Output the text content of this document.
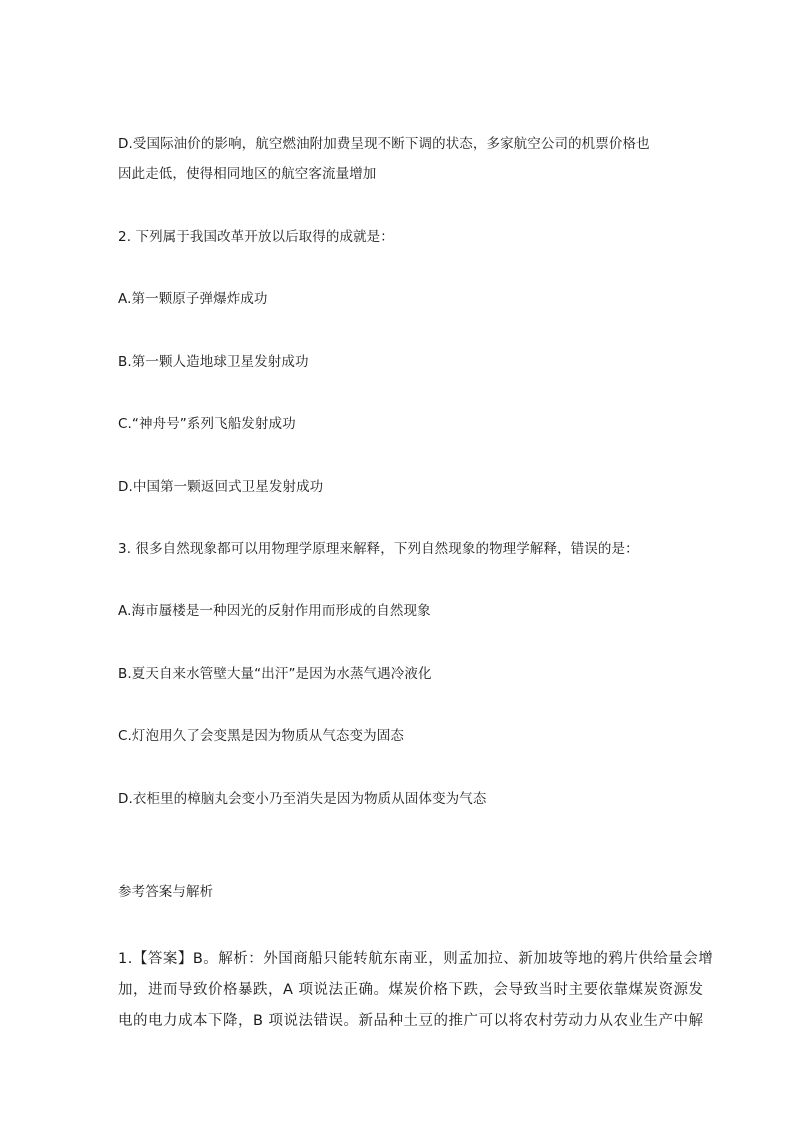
D.受国际油价的影响，航空燃油附加费呈现不断下调的状态，多家航空公司的机票价格也
因此走低，使得相同地区的航空客流量增加
2. 下列属于我国改革开放以后取得的成就是：
A.第一颗原子弹爆炸成功
B.第一颗人造地球卫星发射成功
C.“神舟号”系列飞船发射成功
D.中国第一颗返回式卫星发射成功
3. 很多自然现象都可以用物理学原理来解释，下列自然现象的物理学解释，错误的是：
A.海市蜃楼是一种因光的反射作用而形成的自然现象
B.夏天自来水管壁大量“出汗”是因为水蒸气遇冷液化
C.灯泡用久了会变黑是因为物质从气态变为固态
D.衣柜里的樟脑丸会变小乃至消失是因为物质从固体变为气态
参考答案与解析
1.【答案】B。解析：外国商船只能转航东南亚，则孟加拉、新加坡等地的鸦片供给量会增
加，进而导致价格暴跌，A 项说法正确。煤炭价格下跌，会导致当时主要依靠煤炭资源发
电的电力成本下降，B 项说法错误。新品种土豆的推广可以将农村劳动力从农业生产中解
